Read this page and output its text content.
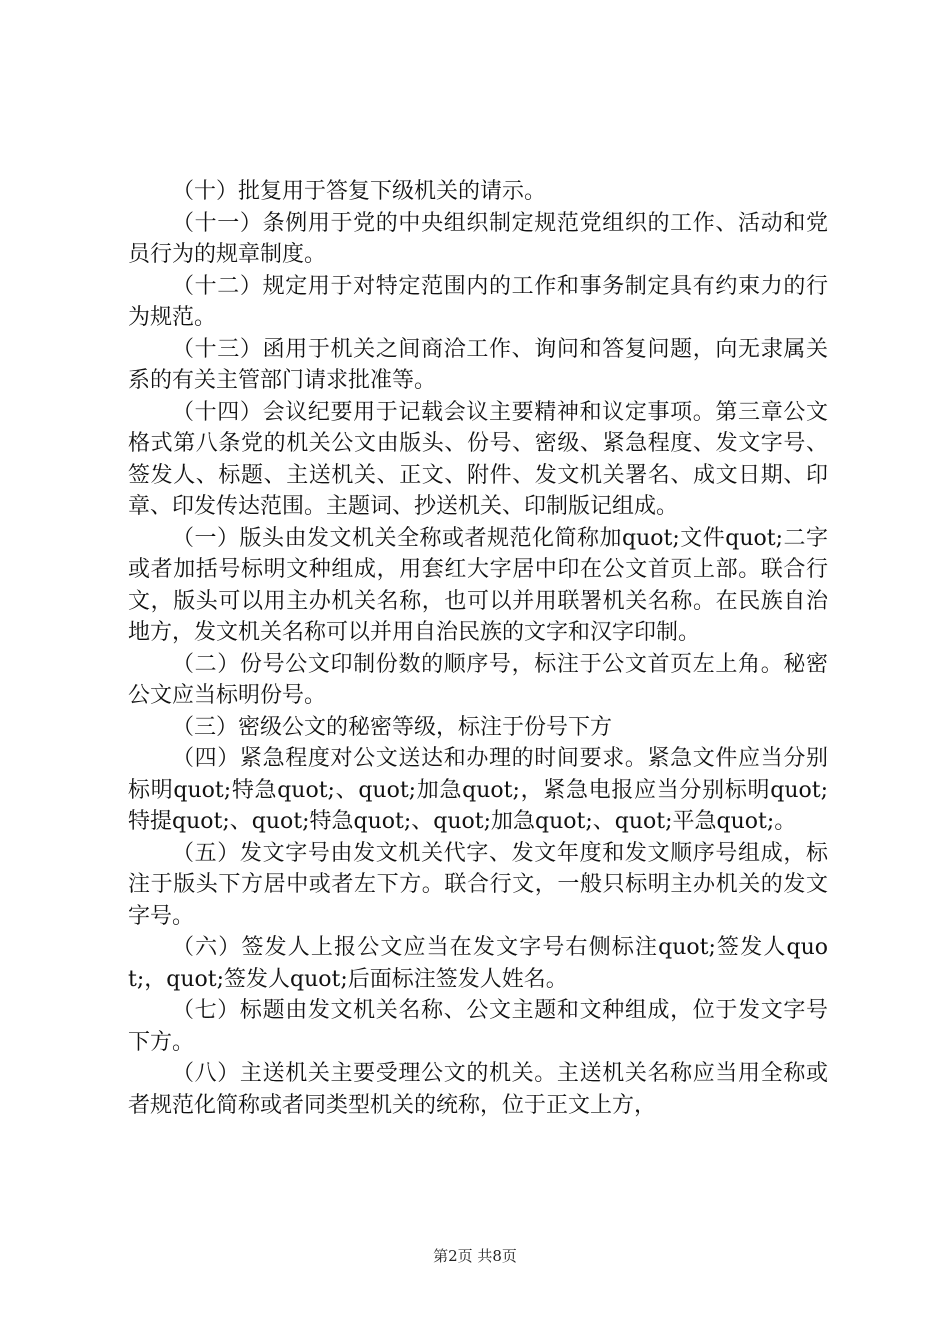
（十）批复用于答复下级机关的请示。

（十一）条例用于党的中央组织制定规范党组织的工作、活动和党员行为的规章制度。

（十二）规定用于对特定范围内的工作和事务制定具有约束力的行为规范。

（十三）函用于机关之间商洽工作、询问和答复问题，向无隶属关系的有关主管部门请求批准等。

（十四）会议纪要用于记载会议主要精神和议定事项。第三章公文格式第八条党的机关公文由版头、份号、密级、紧急程度、发文字号、签发人、标题、主送机关、正文、附件、发文机关署名、成文日期、印章、印发传达范围。主题词、抄送机关、印制版记组成。

（一）版头由发文机关全称或者规范化简称加quot;文件quot;二字或者加括号标明文种组成，用套红大字居中印在公文首页上部。联合行文，版头可以用主办机关名称，也可以并用联署机关名称。在民族自治地方，发文机关名称可以并用自治民族的文字和汉字印制。

（二）份号公文印制份数的顺序号，标注于公文首页左上角。秘密公文应当标明份号。

（三）密级公文的秘密等级，标注于份号下方

（四）紧急程度对公文送达和办理的时间要求。紧急文件应当分别标明quot;特急quot;、quot;加急quot;，紧急电报应当分别标明quot;特提quot;、quot;特急quot;、quot;加急quot;、quot;平急quot;。

（五）发文字号由发文机关代字、发文年度和发文顺序号组成，标注于版头下方居中或者左下方。联合行文，一般只标明主办机关的发文字号。

（六）签发人上报公文应当在发文字号右侧标注quot;签发人quot;，quot;签发人quot;后面标注签发人姓名。

（七）标题由发文机关名称、公文主题和文种组成，位于发文字号下方。

（八）主送机关主要受理公文的机关。主送机关名称应当用全称或者规范化简称或者同类型机关的统称，位于正文上方，

第2页 共8页
